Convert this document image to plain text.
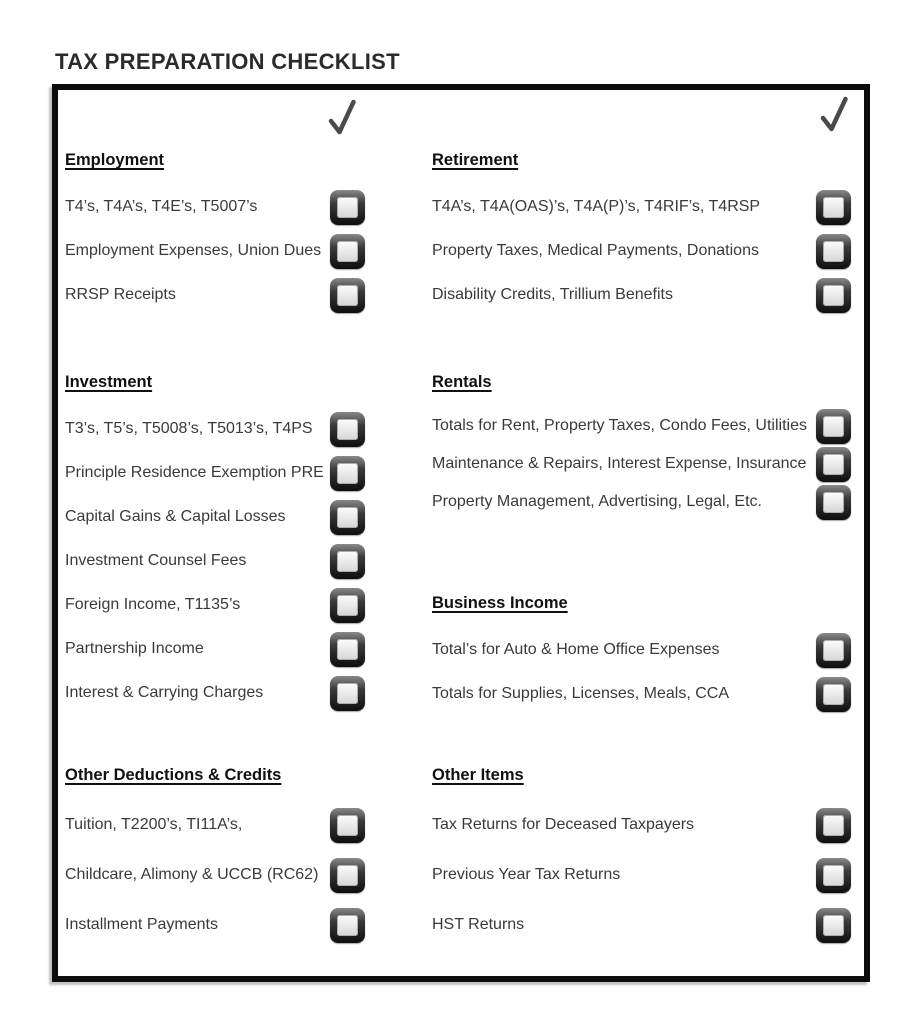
TAX PREPARATION CHECKLIST
Employment
T4’s, T4A’s, T4E’s, T5007’s
Employment Expenses, Union Dues
RRSP Receipts
Investment
T3’s, T5’s, T5008’s, T5013’s, T4PS
Principle Residence Exemption PRE
Capital Gains & Capital Losses
Investment Counsel Fees
Foreign Income, T1135’s
Partnership Income
Interest & Carrying Charges
Other Deductions & Credits
Tuition, T2200’s, TI11A’s,
Childcare, Alimony & UCCB (RC62)
Installment Payments
Retirement
T4A’s, T4A(OAS)’s, T4A(P)’s, T4RIF’s, T4RSP
Property Taxes, Medical Payments, Donations
Disability Credits, Trillium Benefits
Rentals
Totals for Rent, Property Taxes, Condo Fees, Utilities
Maintenance & Repairs, Interest Expense, Insurance
Property Management, Advertising, Legal, Etc.
Business Income
Total’s for Auto & Home Office Expenses
Totals for Supplies, Licenses, Meals, CCA
Other Items
Tax Returns for Deceased Taxpayers
Previous Year Tax Returns
HST Returns
